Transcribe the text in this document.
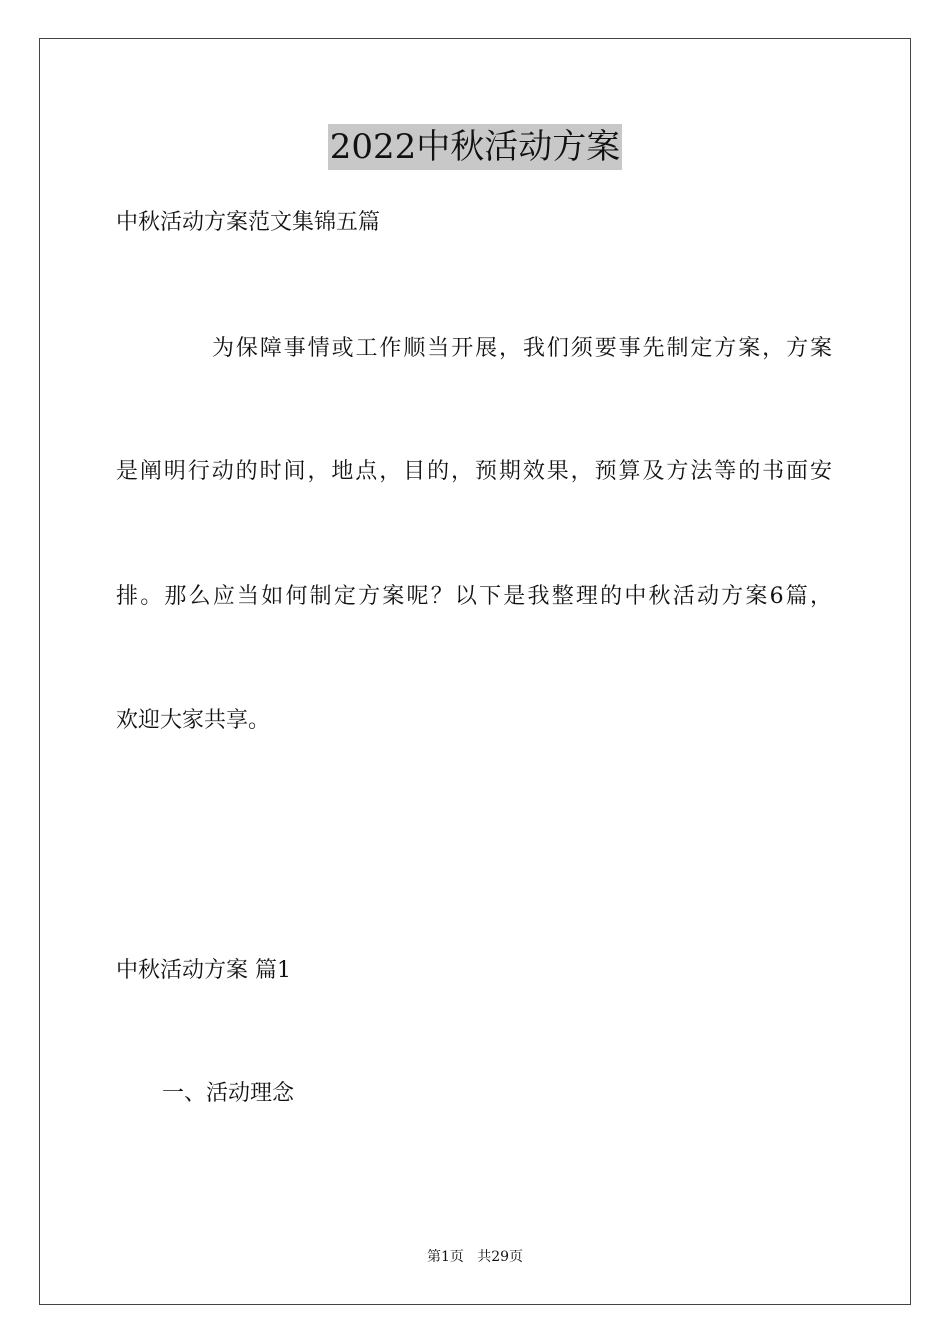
2022中秋活动方案
中秋活动方案范文集锦五篇
为保障事情或工作顺当开展，我们须要事先制定方案，方案
是阐明行动的时间，地点，目的，预期效果，预算及方法等的书面安
排。那么应当如何制定方案呢？以下是我整理的中秋活动方案6篇，
欢迎大家共享。
中秋活动方案 篇1
一、活动理念
第1页   共29页
